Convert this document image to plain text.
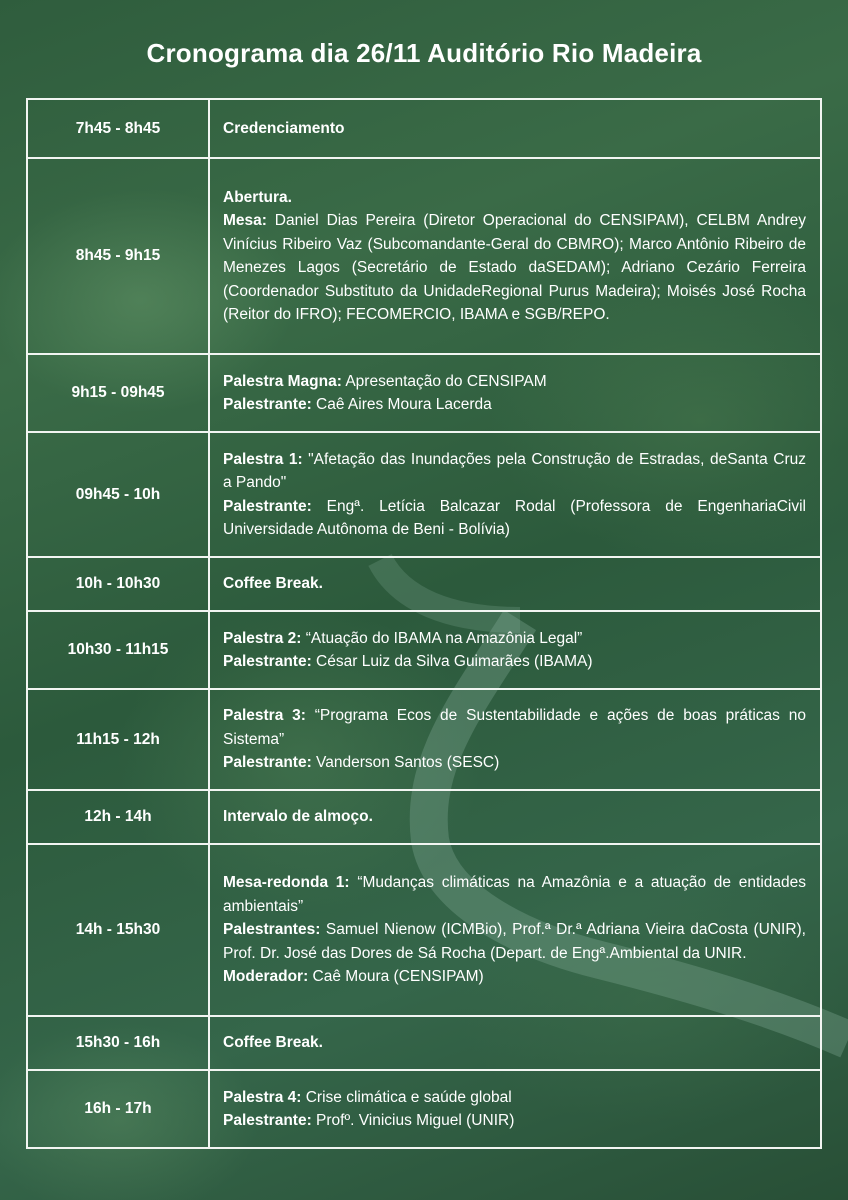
Cronograma dia 26/11 Auditório Rio Madeira
7h45 - 8h45	Credenciamento

8h45 - 9h15	Abertura.

Mesa: Daniel Dias Pereira (Diretor Operacional do CENSIPAM), CELBM Andrey Vinícius Ribeiro Vaz (Subcomandante-Geral do CBMRO); Marco Antônio Ribeiro de Menezes Lagos (Secretário de Estado daSEDAM); Adriano Cezário Ferreira (Coordenador Substituto da UnidadeRegional Purus Madeira); Moisés José Rocha (Reitor do IFRO); FECOMERCIO, IBAMA e SGB/REPO.

9h15 - 09h45	Palestra Magna: Apresentação do CENSIPAM

Palestrante: Caê Aires Moura Lacerda

09h45 - 10h	Palestra 1: "Afetação das Inundações pela Construção de Estradas, deSanta Cruz a Pando"

Palestrante: Engª. Letícia Balcazar Rodal (Professora de EngenhariaCivil Universidade Autônoma de Beni - Bolívia)

10h - 10h30	Coffee Break.

10h30 - 11h15	Palestra 2: “Atuação do IBAMA na Amazônia Legal”

Palestrante: César Luiz da Silva Guimarães (IBAMA)

11h15 - 12h	Palestra 3: “Programa Ecos de Sustentabilidade e ações de boas práticas no Sistema”

Palestrante: Vanderson Santos (SESC)

12h - 14h	Intervalo de almoço.

14h - 15h30	Mesa-redonda 1: “Mudanças climáticas na Amazônia e a atuação de entidades ambientais”

Palestrantes: Samuel Nienow (ICMBio), Prof.ª Dr.ª Adriana Vieira daCosta (UNIR), Prof. Dr. José das Dores de Sá Rocha (Depart. de Engª.Ambiental da UNIR.

Moderador: Caê Moura (CENSIPAM)

15h30 - 16h	Coffee Break.

16h - 17h	Palestra 4: Crise climática e saúde global

Palestrante: Profº. Vinicius Miguel (UNIR)
